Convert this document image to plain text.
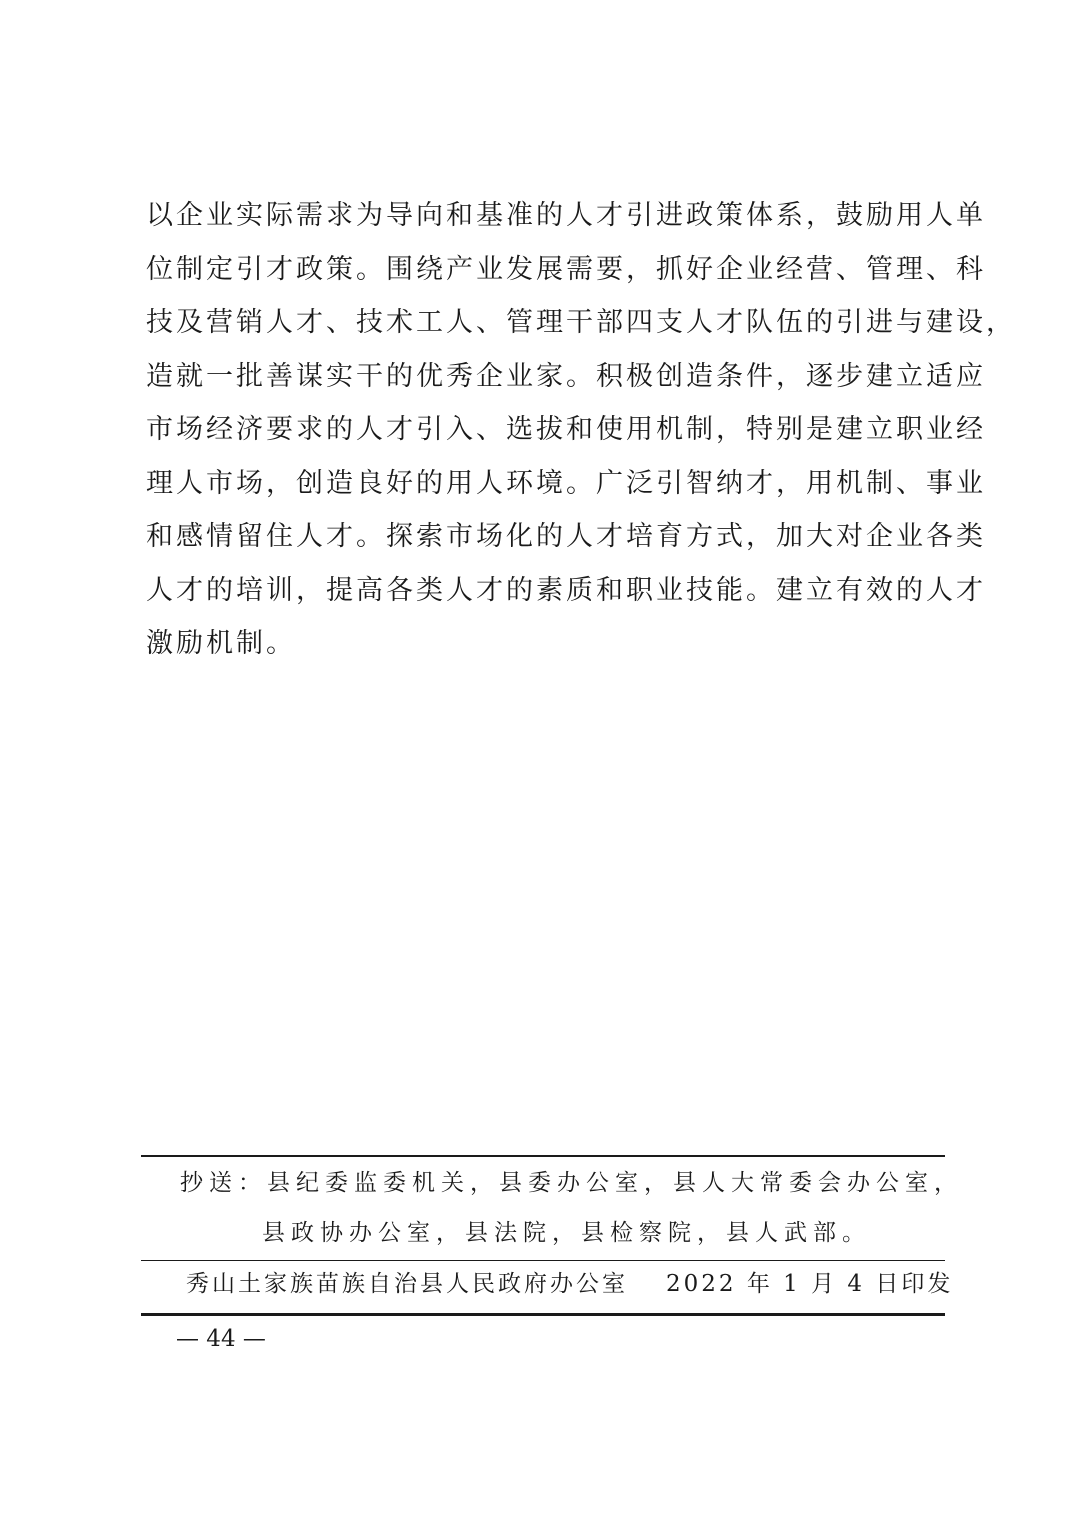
以企业实际需求为导向和基准的人才引进政策体系，鼓励用人单
位制定引才政策。围绕产业发展需要，抓好企业经营、管理、科
技及营销人才、技术工人、管理干部四支人才队伍的引进与建设，
造就一批善谋实干的优秀企业家。积极创造条件，逐步建立适应
市场经济要求的人才引入、选拔和使用机制，特别是建立职业经
理人市场，创造良好的用人环境。广泛引智纳才，用机制、事业
和感情留住人才。探索市场化的人才培育方式，加大对企业各类
人才的培训，提高各类人才的素质和职业技能。建立有效的人才
激励机制。
抄送：县纪委监委机关，县委办公室，县人大常委会办公室，
县政协办公室，县法院，县检察院，县人武部。
秀山土家族苗族自治县人民政府办公室 2022 年 1 月 4 日印发
— 44 —
